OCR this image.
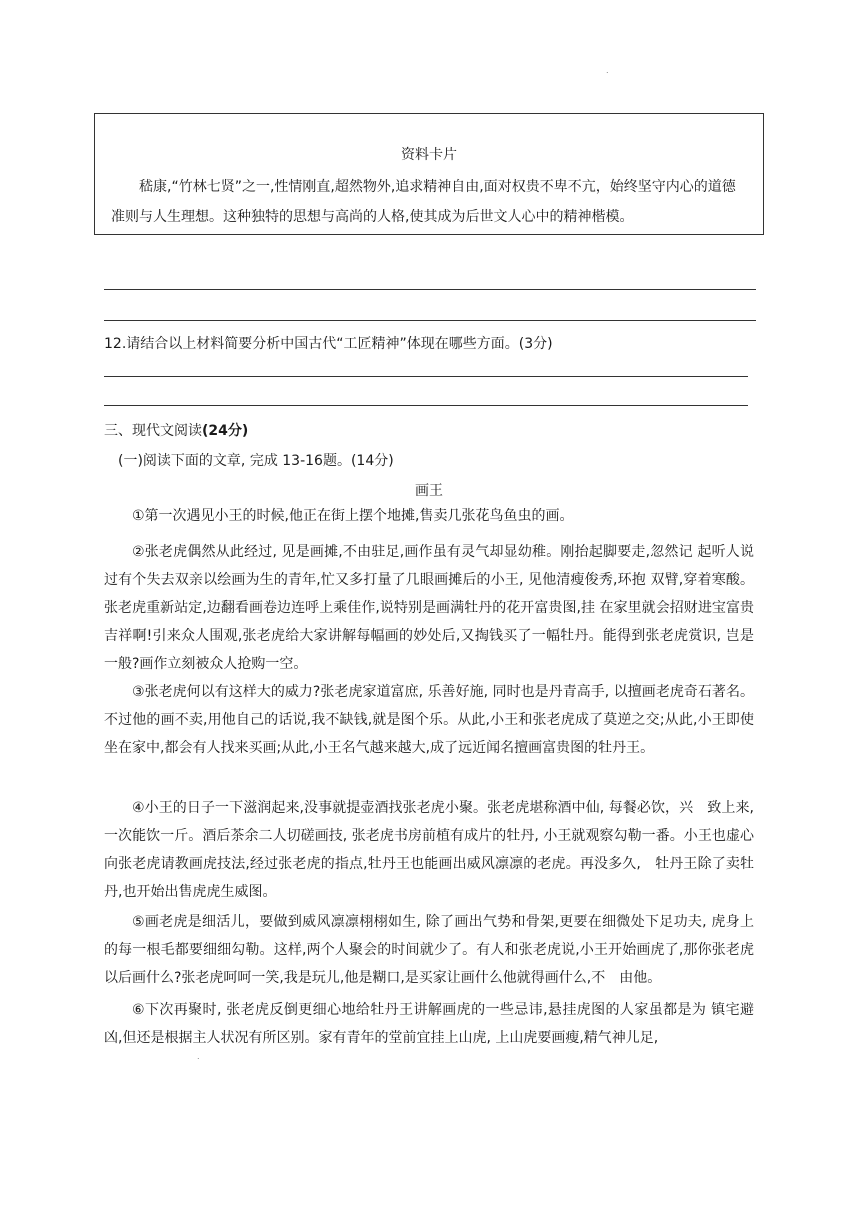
.
资料卡片
嵇康,“竹林七贤”之一,性情刚直,超然物外,追求精神自由,面对权贵不卑不亢，始终坚守内心的道德准则与人生理想。这种独特的思想与高尚的人格,使其成为后世文人心中的精神楷模。
12.请结合以上材料简要分析中国古代“工匠精神”体现在哪些方面。(3分)
三、现代文阅读(24分)
(一)阅读下面的文章, 完成 13-16题。(14分)
画王
①第一次遇见小王的时候,他正在街上摆个地摊,售卖几张花鸟鱼虫的画。
②张老虎偶然从此经过, 见是画摊,不由驻足,画作虽有灵气却显幼稚。刚抬起脚要走,忽然记 起听人说过有个失去双亲以绘画为生的青年,忙又多打量了几眼画摊后的小王, 见他清瘦俊秀,环抱 双臂,穿着寒酸。张老虎重新站定,边翻看画卷边连呼上乘佳作,说特别是画满牡丹的花开富贵图,挂 在家里就会招财进宝富贵吉祥啊!引来众人围观,张老虎给大家讲解每幅画的妙处后,又掏钱买了一幅牡丹。能得到张老虎赏识, 岂是一般?画作立刻被众人抢购一空。
③张老虎何以有这样大的威力?张老虎家道富庶, 乐善好施, 同时也是丹青高手, 以擅画老虎奇石著名。不过他的画不卖,用他自己的话说,我不缺钱,就是图个乐。从此,小王和张老虎成了莫逆之交;从此,小王即使坐在家中,都会有人找来买画;从此,小王名气越来越大,成了远近闻名擅画富贵图的牡丹王。
④小王的日子一下滋润起来,没事就提壶酒找张老虎小聚。张老虎堪称酒中仙, 每餐必饮，兴　致上来, 一次能饮一斤。酒后茶余二人切磋画技, 张老虎书房前植有成片的牡丹, 小王就观察勾勒一番。小王也虚心向张老虎请教画虎技法,经过张老虎的指点,牡丹王也能画出威风凛凛的老虎。再没多久,　牡丹王除了卖牡丹,也开始出售虎虎生威图。
⑤画老虎是细活儿，要做到威风凛凛栩栩如生, 除了画出气势和骨架,更要在细微处下足功夫, 虎身上的每一根毛都要细细勾勒。这样,两个人聚会的时间就少了。有人和张老虎说,小王开始画虎了,那你张老虎以后画什么?张老虎呵呵一笑,我是玩儿,他是糊口,是买家让画什么他就得画什么,不　由他。
⑥下次再聚时, 张老虎反倒更细心地给牡丹王讲解画虎的一些忌讳,悬挂虎图的人家虽都是为 镇宅避凶,但还是根据主人状况有所区别。家有青年的堂前宜挂上山虎, 上山虎要画瘦,精气神儿足,
.
